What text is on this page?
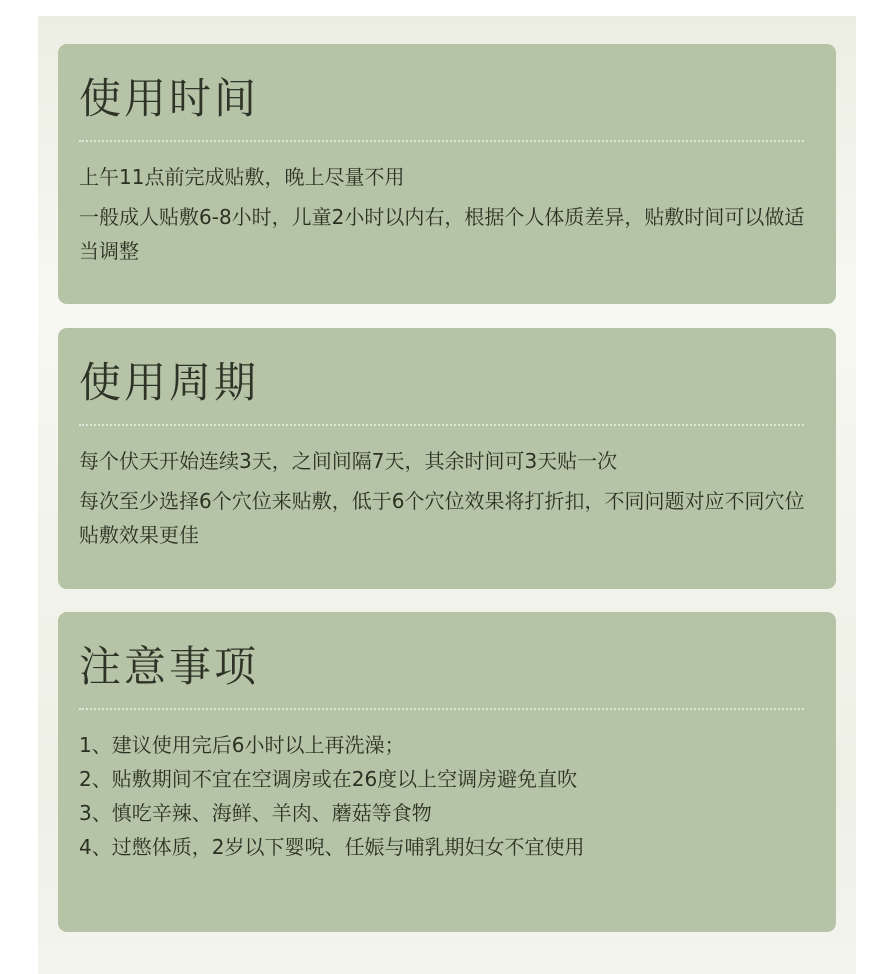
使用时间

上午11点前完成贴敷，晚上尽量不用

一般成人贴敷6-8小时，儿童2小时以内右，根据个人体质差异，贴敷时间可以做适当调整

使用周期

每个伏天开始连续3天，之间间隔7天，其余时间可3天贴一次

每次至少选择6个穴位来贴敷，低于6个穴位效果将打折扣，不同问题对应不同穴位贴敷效果更佳

注意事项

1、建议使用完后6小时以上再洗澡；

2、贴敷期间不宜在空调房或在26度以上空调房避免直吹

3、慎吃辛辣、海鲜、羊肉、蘑菇等食物

4、过憋体质，2岁以下婴唲、任娠与哺乳期妇女不宜使用
